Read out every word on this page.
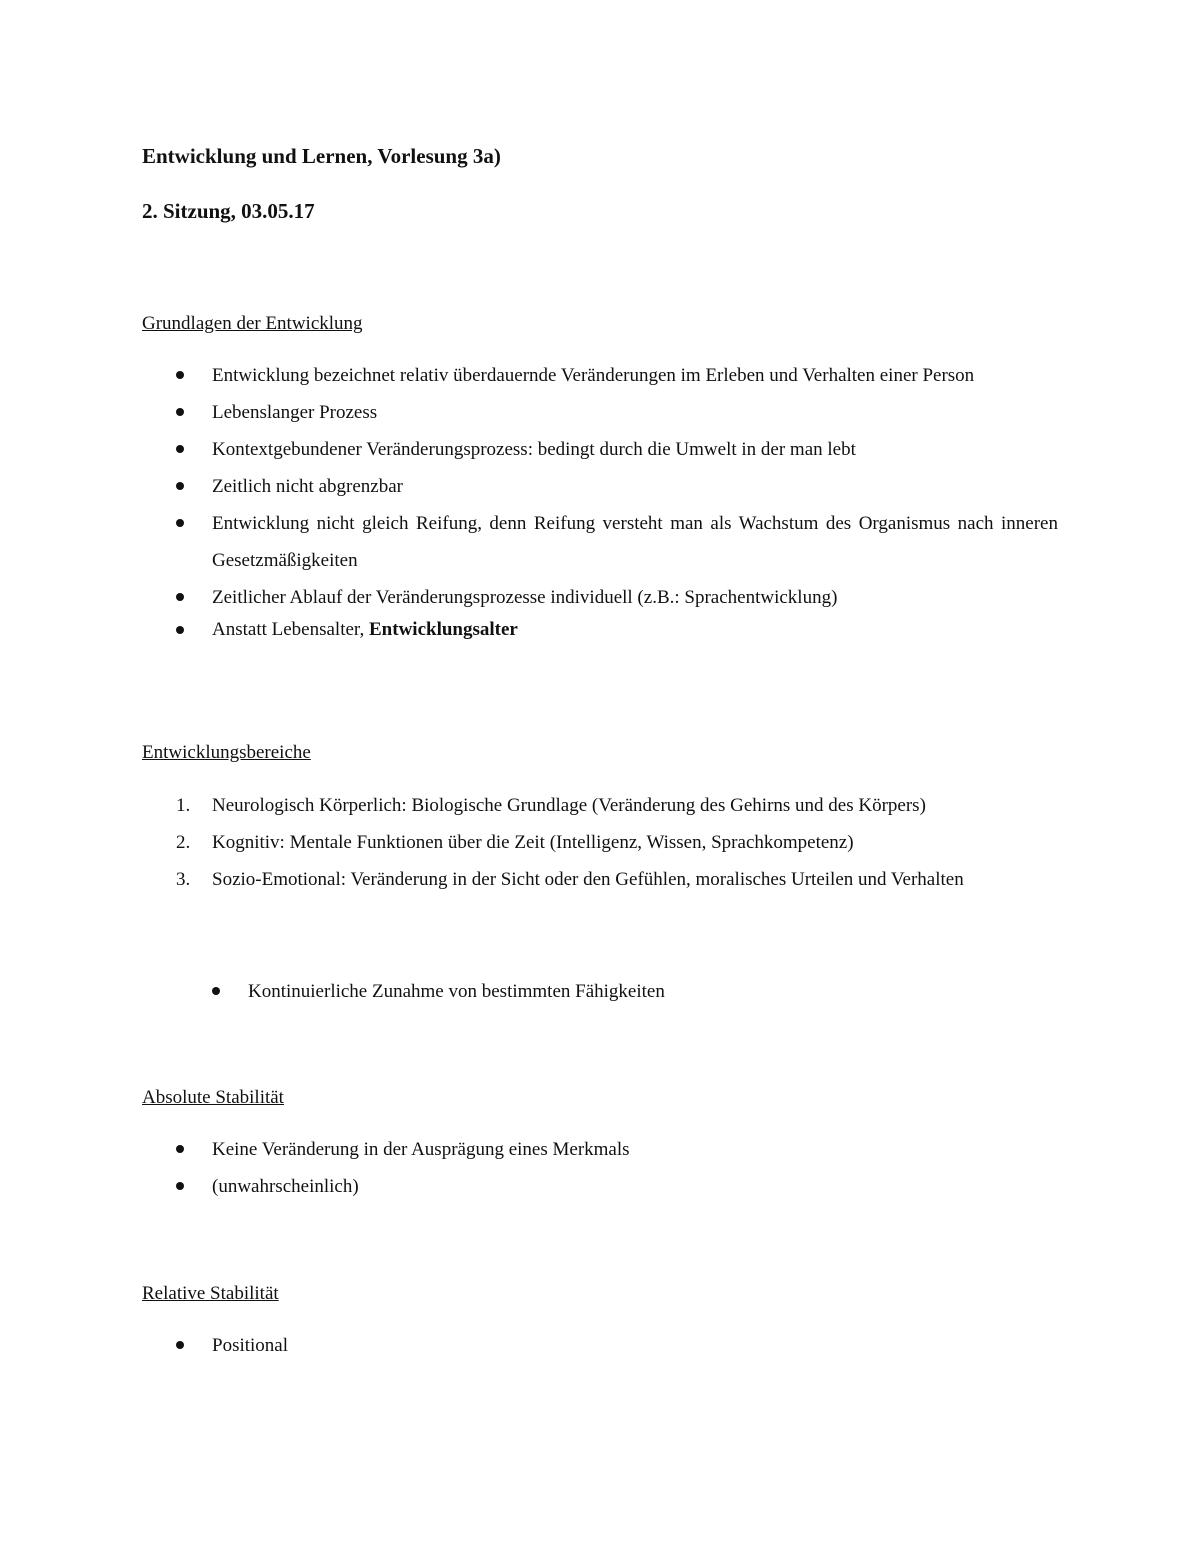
Entwicklung und Lernen, Vorlesung 3a)
2. Sitzung, 03.05.17
Grundlagen der Entwicklung
Entwicklung bezeichnet relativ überdauernde Veränderungen im Erleben und Verhalten einer Person
Lebenslanger Prozess
Kontextgebundener Veränderungsprozess: bedingt durch die Umwelt in der man lebt
Zeitlich nicht abgrenzbar
Entwicklung nicht gleich Reifung, denn Reifung versteht man als Wachstum des Organismus nach inneren Gesetzmäßigkeiten
Zeitlicher Ablauf der Veränderungsprozesse individuell (z.B.: Sprachentwicklung)
Anstatt Lebensalter, Entwicklungsalter
Entwicklungsbereiche
1. Neurologisch Körperlich: Biologische Grundlage (Veränderung des Gehirns und des Körpers)
2. Kognitiv: Mentale Funktionen über die Zeit (Intelligenz, Wissen, Sprachkompetenz)
3. Sozio-Emotional: Veränderung in der Sicht oder den Gefühlen, moralisches Urteilen und Verhalten
Kontinuierliche Zunahme von bestimmten Fähigkeiten
Absolute Stabilität
Keine Veränderung in der Ausprägung eines Merkmals
(unwahrscheinlich)
Relative Stabilität
Positional
